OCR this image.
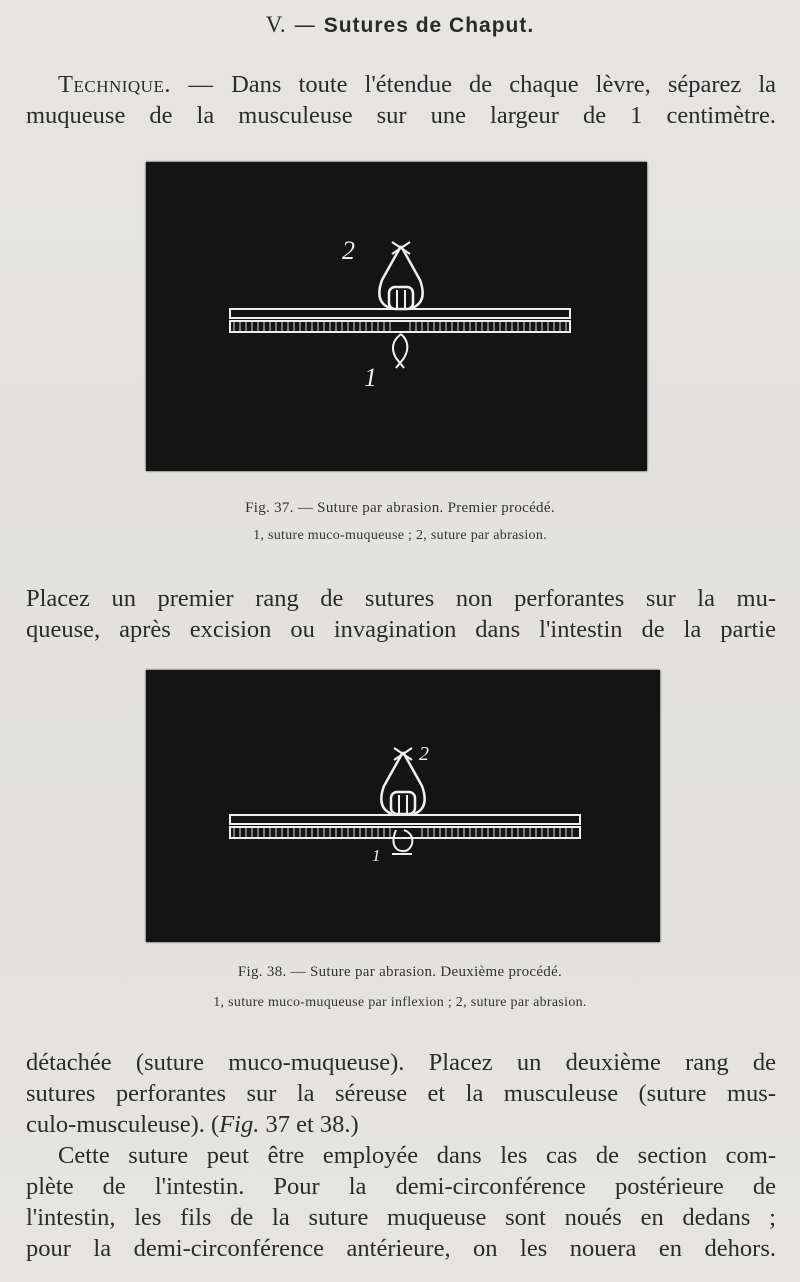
V. — Sutures de Chaput.
Technique. — Dans toute l'étendue de chaque lèvre, séparez la
muqueuse de la musculeuse sur une largeur de 1 centimètre.
2
1
Fig. 37. — Suture par abrasion. Premier procédé.
1, suture muco-muqueuse ; 2, suture par abrasion.
Placez un premier rang de sutures non perforantes sur la mu-
queuse, après excision ou invagination dans l'intestin de la partie
2
1
Fig. 38. — Suture par abrasion. Deuxième procédé.
1, suture muco-muqueuse par inflexion ; 2, suture par abrasion.
détachée (suture muco-muqueuse). Placez un deuxième rang de
sutures perforantes sur la séreuse et la musculeuse (suture mus-
culo-musculeuse). (Fig. 37 et 38.)
Cette suture peut être employée dans les cas de section com-
plète de l'intestin. Pour la demi-circonférence postérieure de
l'intestin, les fils de la suture muqueuse sont noués en dedans ;
pour la demi-circonférence antérieure, on les nouera en dehors.
